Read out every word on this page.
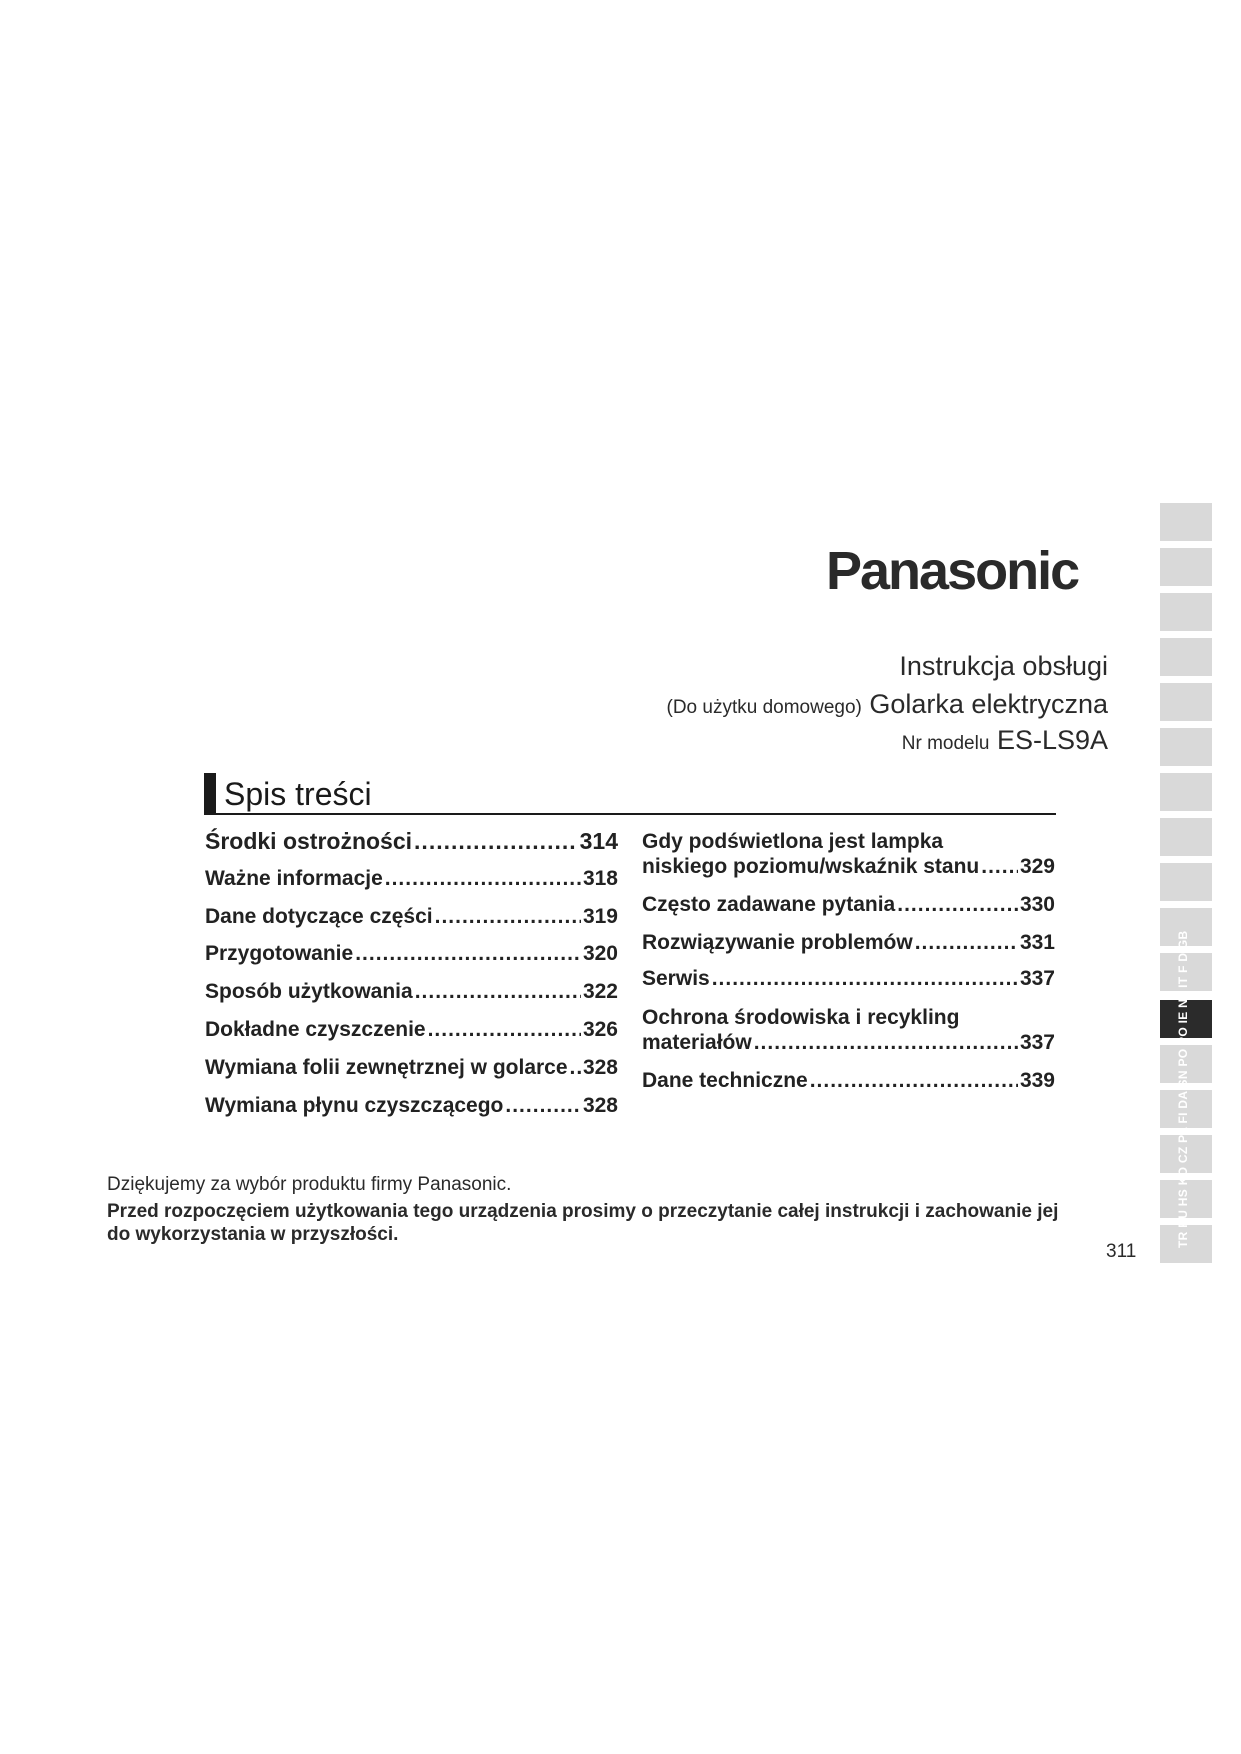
Panasonic
Instrukcja obsługi
(Do użytku domowego) Golarka elektryczna
Nr modelu ES-LS9A
Spis treści
Środki ostrożności .....	314
Ważne informacje .....	318
Dane dotyczące części .....	319
Przygotowanie .....	320
Sposób użytkowania .....	322
Dokładne czyszczenie .....	326
Wymiana folii zewnętrznej w golarce ..... 328
Wymiana płynu czyszczącego .....	328
Gdy podświetlona jest lampka
niskiego poziomu/wskaźnik stanu ..... 329
Często zadawane pytania .....	330
Rozwiązywanie problemów .....	331
Serwis .....	337
Ochrona środowiska i recykling
materiałów .....	337
Dane techniczne .....	339
Dziękujemy za wybór produktu firmy Panasonic.
Przed rozpoczęciem użytkowania tego urządzenia prosimy o przeczytanie całej instrukcji i zachowanie jej do wykorzystania w przyszłości.
311
TR RU HS KO CZ PL FI DA SN PO PO IE NL IT F D GB
